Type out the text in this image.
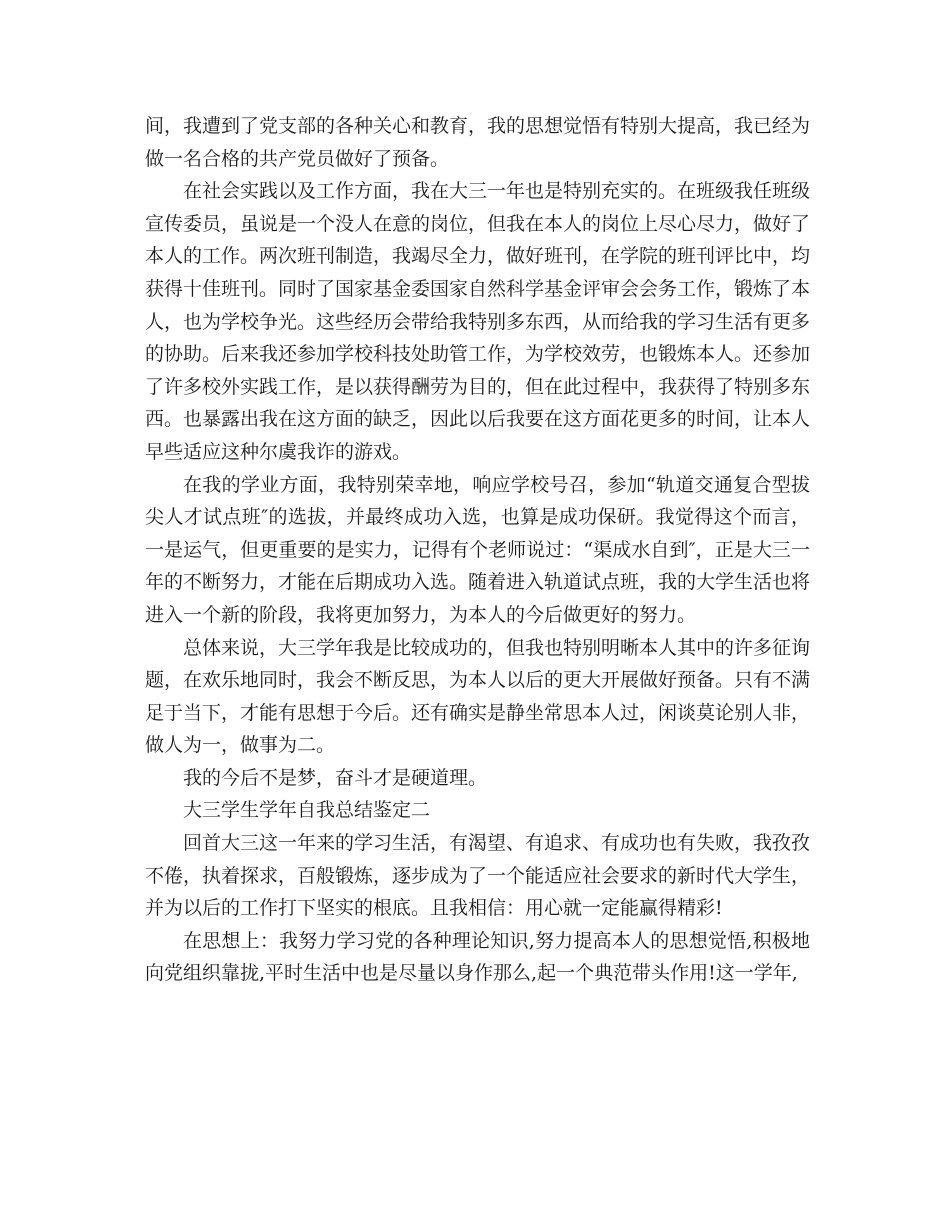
间，我遭到了党支部的各种关心和教育，我的思想觉悟有特别大提高，我已经为做一名合格的共产党员做好了预备。

在社会实践以及工作方面，我在大三一年也是特别充实的。在班级我任班级宣传委员，虽说是一个没人在意的岗位，但我在本人的岗位上尽心尽力，做好了本人的工作。两次班刊制造，我竭尽全力，做好班刊，在学院的班刊评比中，均获得十佳班刊。同时了国家基金委国家自然科学基金评审会会务工作，锻炼了本人，也为学校争光。这些经历会带给我特别多东西，从而给我的学习生活有更多的协助。后来我还参加学校科技处助管工作，为学校效劳，也锻炼本人。还参加了许多校外实践工作，是以获得酬劳为目的，但在此过程中，我获得了特别多东西。也暴露出我在这方面的缺乏，因此以后我要在这方面花更多的时间，让本人早些适应这种尔虞我诈的游戏。

在我的学业方面，我特别荣幸地，响应学校号召，参加“轨道交通复合型拔尖人才试点班″的选拔，并最终成功入选，也算是成功保研。我觉得这个而言，一是运气，但更重要的是实力，记得有个老师说过：“渠成水自到″，正是大三一年的不断努力，才能在后期成功入选。随着进入轨道试点班，我的大学生活也将进入一个新的阶段，我将更加努力，为本人的今后做更好的努力。

总体来说，大三学年我是比较成功的，但我也特别明晰本人其中的许多征询题，在欢乐地同时，我会不断反思，为本人以后的更大开展做好预备。只有不满足于当下，才能有思想于今后。还有确实是静坐常思本人过，闲谈莫论别人非，做人为一，做事为二。

我的今后不是梦，奋斗才是硬道理。

大三学生学年自我总结鉴定二

回首大三这一年来的学习生活，有渴望、有追求、有成功也有失败，我孜孜不倦，执着探求，百般锻炼，逐步成为了一个能适应社会要求的新时代大学生，并为以后的工作打下坚实的根底。且我相信：用心就一定能赢得精彩!

在思想上：我努力学习党的各种理论知识,努力提高本人的思想觉悟,积极地向党组织靠拢,平时生活中也是尽量以身作那么,起一个典范带头作用!这一学年,
